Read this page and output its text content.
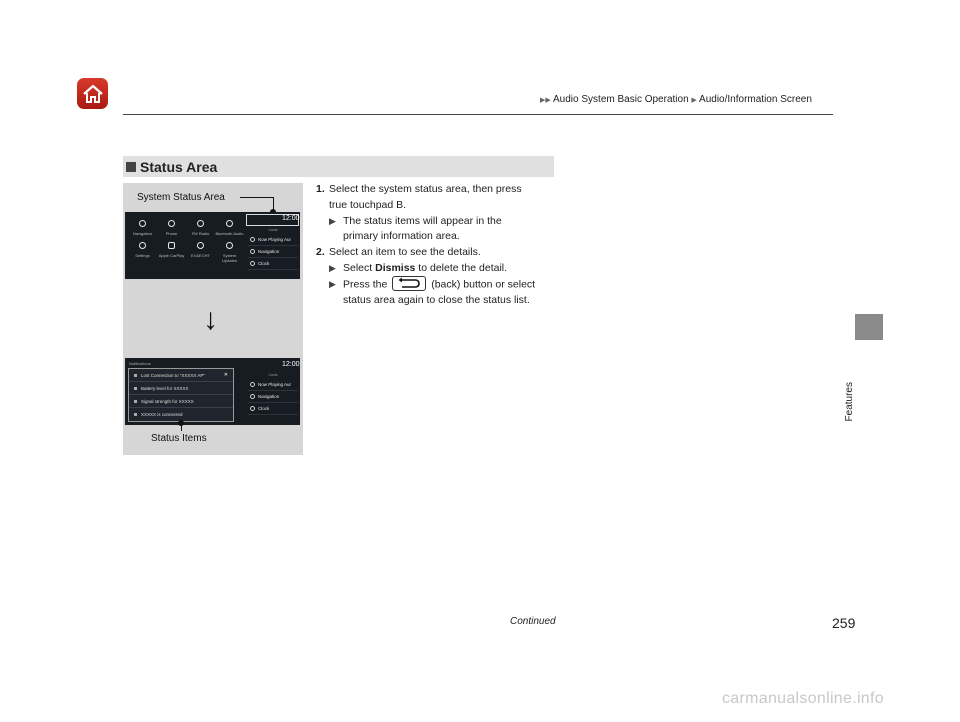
▶▶ Audio System Basic Operation ▶ Audio/Information Screen
Features
Status Area
System Status Area
Navigation	Phone	FM Radio Bluetooth Audio
Settings Apple CarPlay EV&ECHT	System Updates
12:00
Cards
Now Playing Aur
Navigation
Clock
↓
Notifications	12:00
Lost Connection to "XXXXX AP"	✕
Battery level for XXXXX
Signal strength for XXXXX
XXXXX is connected
Cards
Now Playing Aur
Navigation
Clock
Status Items
1. Select the system status area, then press
true touchpad B.
▶ The status items will appear in the
primary information area.
2. Select an item to see the details.
▶ Select Dismiss to delete the detail.
▶ Press the	(back) button or select
status area again to close the status list.
Continued	259
carmanualsonline.info
